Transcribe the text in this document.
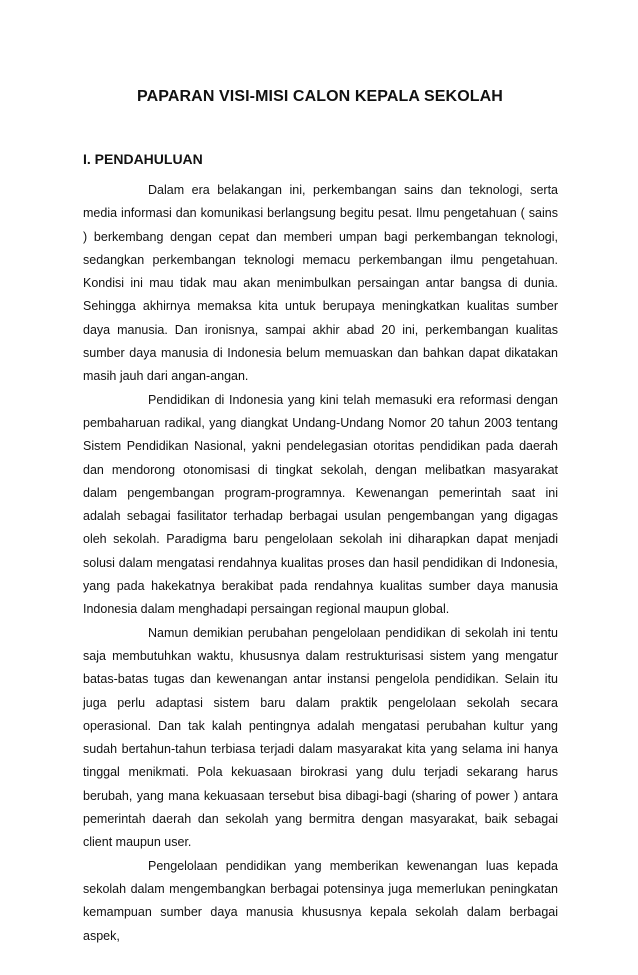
PAPARAN VISI-MISI CALON KEPALA SEKOLAH
I. PENDAHULUAN

Dalam era belakangan ini, perkembangan sains dan teknologi, serta media informasi dan komunikasi berlangsung begitu pesat. Ilmu pengetahuan ( sains ) berkembang dengan cepat dan memberi umpan bagi perkembangan teknologi, sedangkan perkembangan teknologi memacu perkembangan ilmu pengetahuan. Kondisi ini mau tidak mau akan menimbulkan persaingan antar bangsa di dunia. Sehingga akhirnya memaksa kita untuk berupaya meningkatkan kualitas sumber daya manusia. Dan ironisnya, sampai akhir abad 20 ini, perkembangan kualitas sumber daya manusia di Indonesia belum memuaskan dan bahkan dapat dikatakan masih jauh dari angan-angan.

Pendidikan di Indonesia yang kini telah memasuki era reformasi dengan pembaharuan radikal, yang diangkat Undang-Undang Nomor 20 tahun 2003 tentang Sistem Pendidikan Nasional, yakni pendelegasian otoritas pendidikan pada daerah dan mendorong otonomisasi di tingkat sekolah, dengan melibatkan masyarakat dalam pengembangan program-programnya. Kewenangan pemerintah saat ini adalah sebagai fasilitator terhadap berbagai usulan pengembangan yang digagas oleh sekolah. Paradigma baru pengelolaan sekolah ini diharapkan dapat menjadi solusi dalam mengatasi rendahnya kualitas proses dan hasil pendidikan di Indonesia, yang pada hakekatnya berakibat pada rendahnya kualitas sumber daya manusia Indonesia dalam menghadapi persaingan regional maupun global.

Namun demikian perubahan pengelolaan pendidikan di sekolah ini tentu saja membutuhkan waktu, khususnya dalam restrukturisasi sistem yang mengatur batas-batas tugas dan kewenangan antar instansi pengelola pendidikan. Selain itu juga perlu adaptasi sistem baru dalam praktik pengelolaan sekolah secara operasional. Dan tak kalah pentingnya adalah mengatasi perubahan kultur yang sudah bertahun-tahun terbiasa terjadi dalam masyarakat kita yang selama ini hanya tinggal menikmati. Pola kekuasaan birokrasi yang dulu terjadi sekarang harus berubah, yang mana kekuasaan tersebut bisa dibagi-bagi (sharing of power ) antara pemerintah daerah dan sekolah yang bermitra dengan masyarakat, baik sebagai client maupun user.

Pengelolaan pendidikan yang memberikan kewenangan luas kepada sekolah dalam mengembangkan berbagai potensinya juga memerlukan peningkatan kemampuan sumber daya manusia khususnya kepala sekolah dalam berbagai aspek,
